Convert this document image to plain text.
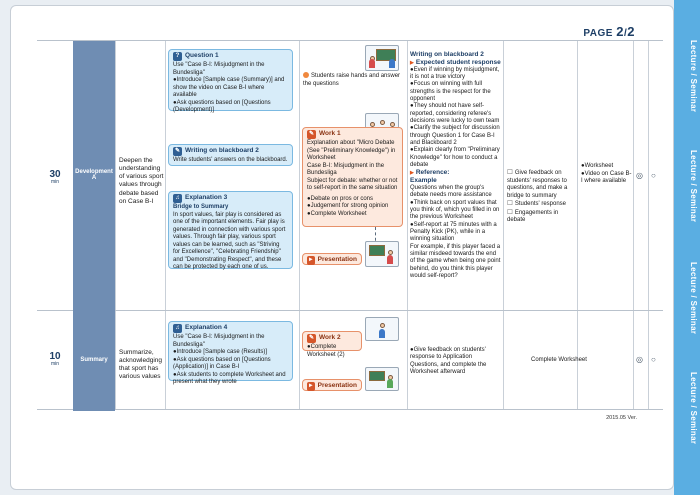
PAGE 2/2
30
min
Development A
Deepen the understanding of various sport values through debate based on Case B-I
? Question 1
Use "Case B-I: Misjudgment in the Bundesliga"
●Introduce [Sample case (Summary)] and show the video on Case B-I where available
●Ask questions based on [Questions (Development)]
✎ Writing on blackboard 2
Write students' answers on the blackboard.
♫ Explanation 3
Bridge to Summary
In sport values, fair play is considered as one of the important elements. Fair play is generated in connection with various sport values. Through fair play, various sport values can be learned, such as "Striving for Excellence", "Celebrating Friendship" and "Demonstrating Respect", and these can be protected by each one of us.
Students raise hands and answer the questions
✎ Work 1
Explanation about "Micro Debate (See "Preliminary Knowledge") in Worksheet
Case B-I: Misjudgment in the Bundesliga
Subject for debate: whether or not to self-report in the same situation
●Debate on pros or cons
●Judgement for strong opinion
●Complete Worksheet
► Presentation
Writing on blackboard 2
▶ Expected student response
●Even if winning by misjudgment, it is not a true victory
●Focus on winning with full strengths is the respect for the opponent
●They should not have self-reported, considering referee's decisions were lucky to own team
●Clarify the subject for discussion through Question 1 for Case B-I and Blackboard 2
●Explain clearly from "Preliminary Knowledge" for how to conduct a debate
▶ Reference:
Example
Questions when the group's debate needs more assistance
●Think back on sport values that you think of, which you filled in on the previous Worksheet
●Self-report at 75 minutes with a Penalty Kick (PK), while in a winning situation
For example, if this player faced a similar misdeed towards the end of the game when being one point behind, do you think this player would self-report?
☐ Give feedback on students' responses to questions, and make a bridge to summary
☐ Students' response
☐ Engagements in debate
●Worksheet
●Video on Case B-I where available
◎ ○
10
min
Summary
Summarize, acknowledging that sport has various values
♫ Explanation 4
Use "Case B-I: Misjudgment in the Bundesliga"
●Introduce [Sample case (Results)]
●Ask questions based on [Questions (Application)] in Case B-I
●Ask students to complete Worksheet and present what they wrote
✎ Work 2
●Complete Worksheet (2)
► Presentation
●Give feedback on students' response to Application Questions, and complete the Worksheet afterward
Complete Worksheet	◎ ○
2015.05 Ver.
Lecture / Seminar
Lecture / Seminar
Lecture / Seminar
Lecture / Seminar
